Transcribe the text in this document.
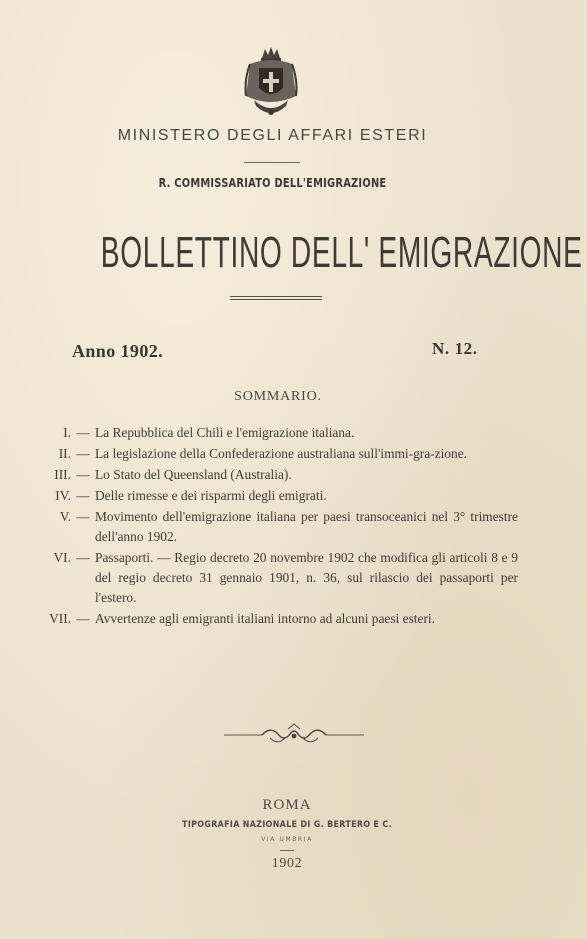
MINISTERO DEGLI AFFARI ESTERI
R. COMMISSARIATO DELL'EMIGRAZIONE
BOLLETTINO DELL' EMIGRAZIONE
Anno 1902.	N. 12.
SOMMARIO.
I. — La Repubblica del Chilì e l'emigrazione italiana.
II. — La legislazione della Confederazione australiana sull'immi-gra-zione.
III. — Lo Stato del Queensland (Australia).
IV. — Delle rimesse e dei risparmi degli emigrati.
V. — Movimento dell'emigrazione italiana per paesi transoceanici nel 3° trimestre dell'anno 1902.
VI. — Passaporti. — Regio decreto 20 novembre 1902 che modifica gli articoli 8 e 9 del regio decreto 31 gennaio 1901, n. 36, sul rilascio dei passaporti per l'estero.
VII. — Avvertenze agli emigranti italiani intorno ad alcuni paesi esteri.
ROMA
TIPOGRAFIA NAZIONALE DI G. BERTERO E C.
VIA UMBRIA
1902
